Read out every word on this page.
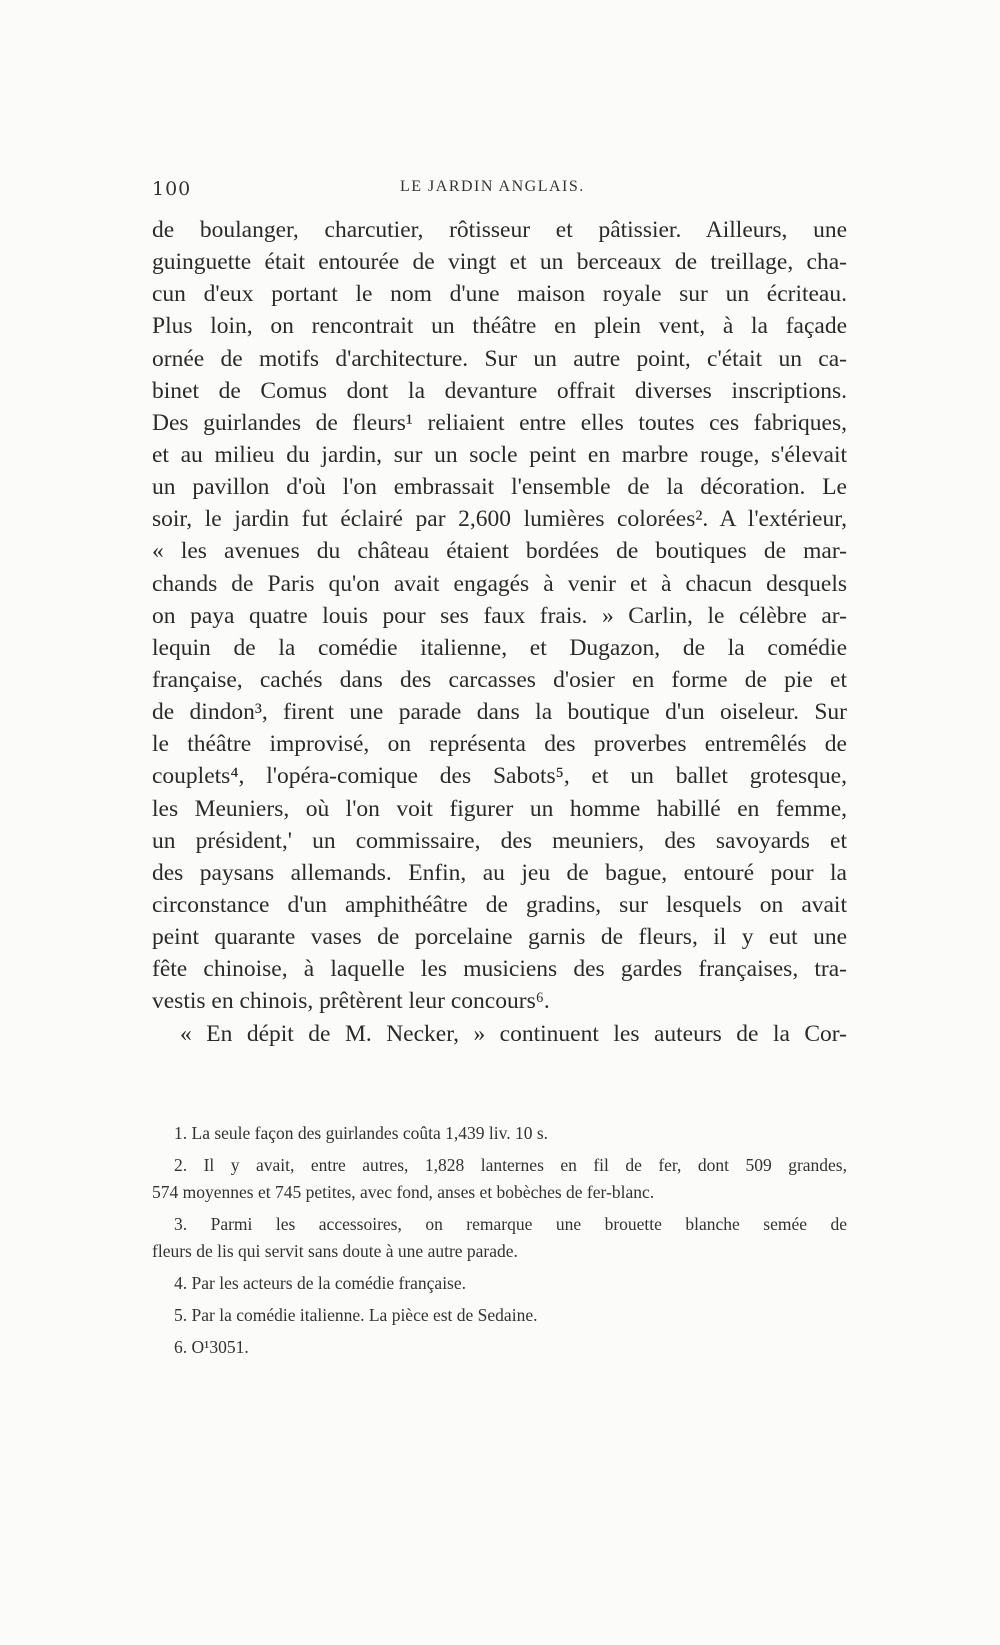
100	LE JARDIN ANGLAIS.
de boulanger, charcutier, rôtisseur et pâtissier. Ailleurs, une
guinguette était entourée de vingt et un berceaux de treillage, cha-
cun d'eux portant le nom d'une maison royale sur un écriteau.
Plus loin, on rencontrait un théâtre en plein vent, à la façade
ornée de motifs d'architecture. Sur un autre point, c'était un ca-
binet de Comus dont la devanture offrait diverses inscriptions.
Des guirlandes de fleurs¹ reliaient entre elles toutes ces fabriques,
et au milieu du jardin, sur un socle peint en marbre rouge, s'élevait
un pavillon d'où l'on embrassait l'ensemble de la décoration. Le
soir, le jardin fut éclairé par 2,600 lumières colorées². A l'extérieur,
« les avenues du château étaient bordées de boutiques de mar-
chands de Paris qu'on avait engagés à venir et à chacun desquels
on paya quatre louis pour ses faux frais. » Carlin, le célèbre ar-
lequin de la comédie italienne, et Dugazon, de la comédie
française, cachés dans des carcasses d'osier en forme de pie et
de dindon³, firent une parade dans la boutique d'un oiseleur. Sur
le théâtre improvisé, on représenta des proverbes entremêlés de
couplets⁴, l'opéra-comique des Sabots⁵, et un ballet grotesque,
les Meuniers, où l'on voit figurer un homme habillé en femme,
un président,' un commissaire, des meuniers, des savoyards et
des paysans allemands. Enfin, au jeu de bague, entouré pour la
circonstance d'un amphithéâtre de gradins, sur lesquels on avait
peint quarante vases de porcelaine garnis de fleurs, il y eut une
fête chinoise, à laquelle les musiciens des gardes françaises, tra-
vestis en chinois, prêtèrent leur concours⁶.
« En dépit de M. Necker, » continuent les auteurs de la Cor-
1. La seule façon des guirlandes coûta 1,439 liv. 10 s.
2. Il y avait, entre autres, 1,828 lanternes en fil de fer, dont 509 grandes,
574 moyennes et 745 petites, avec fond, anses et bobèches de fer-blanc.
3. Parmi les accessoires, on remarque une brouette blanche semée de
fleurs de lis qui servit sans doute à une autre parade.
4. Par les acteurs de la comédie française.
5. Par la comédie italienne. La pièce est de Sedaine.
6. O¹3051.
